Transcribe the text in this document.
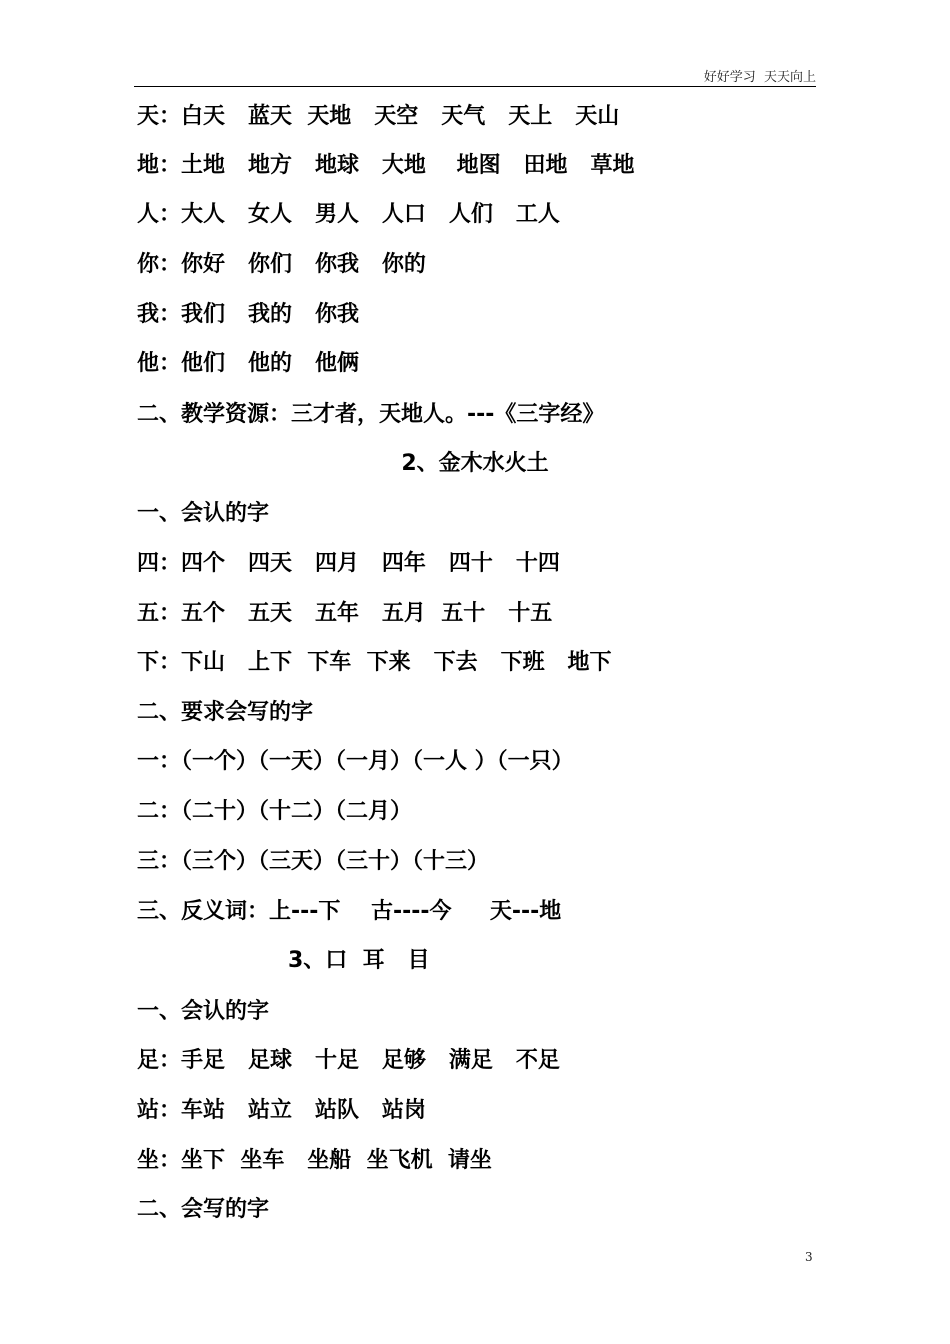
好好学习  天天向上
天：白天   蓝天  天地   天空   天气   天上   天山
地：土地   地方   地球   大地    地图   田地   草地
人：大人   女人   男人   人口   人们   工人
你：你好   你们   你我   你的
我：我们   我的   你我
他：他们   他的   他俩
二、教学资源：三才者，天地人。---《三字经》
2、金木水火土
一、会认的字
四：四个   四天   四月   四年   四十   十四
五：五个   五天   五年   五月  五十   十五
下：下山   上下  下车  下来   下去   下班   地下
二、要求会写的字
一：（一个）（一天）（一月）（一人 ）（一只）
二：（二十）（十二）（二月）
三：（三个）（三天）（三十）（十三）
三、反义词：上---下    古----今     天---地
3、口  耳   目
一、会认的字
足：手足   足球   十足   足够   满足   不足
站：车站   站立   站队   站岗
坐：坐下  坐车   坐船  坐飞机  请坐
二、会写的字
3
